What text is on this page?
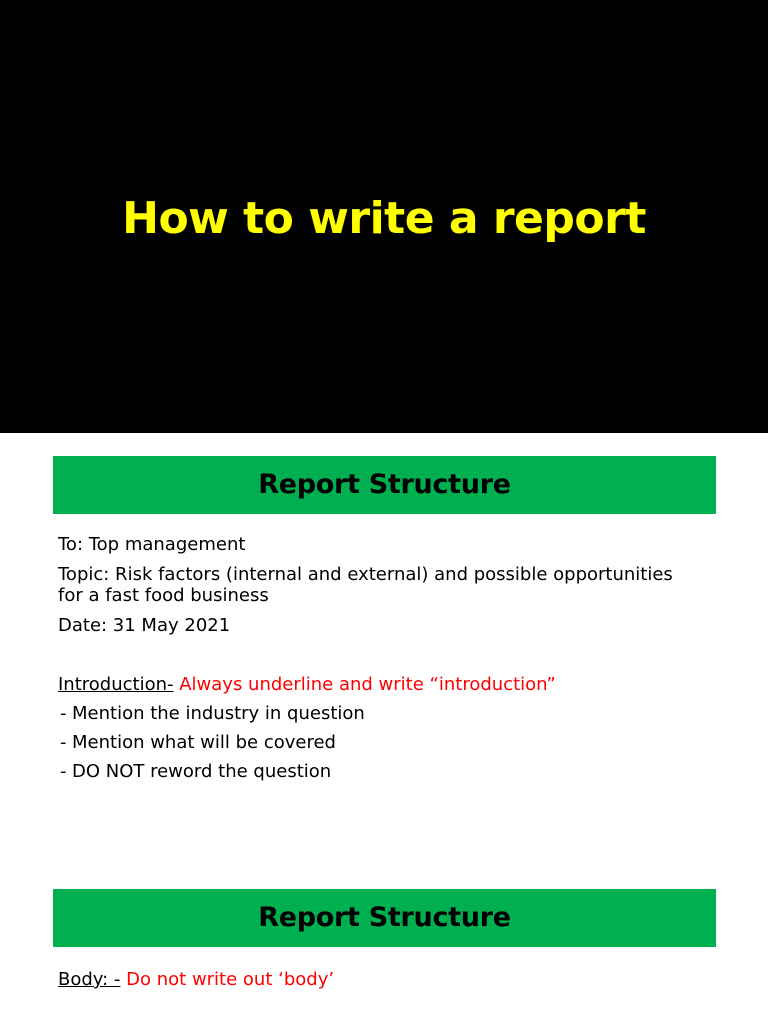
How to write a report
Report Structure
To: Top management
Topic: Risk factors (internal and external) and possible opportunities
for a fast food business
Date: 31 May 2021
Introduction- Always underline and write “introduction”
- Mention the industry in question
- Mention what will be covered
- DO NOT reword the question
Report Structure
Body: - Do not write out ‘body’
